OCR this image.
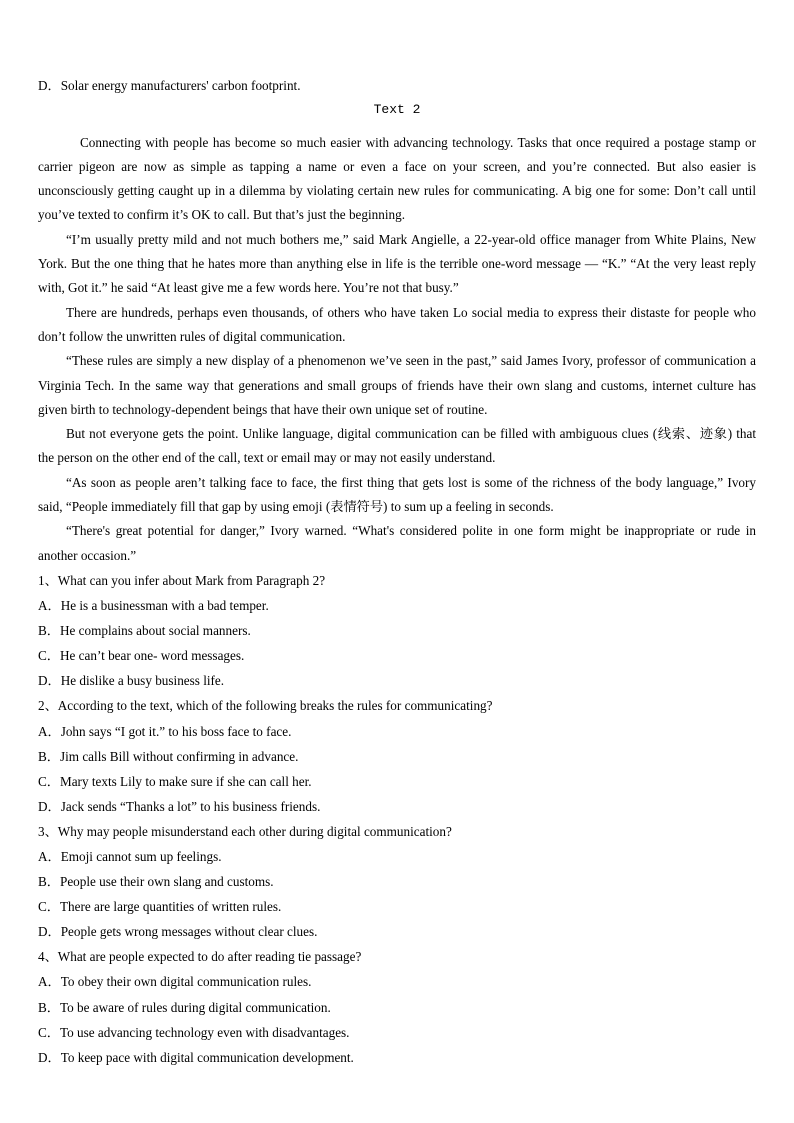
D．Solar energy manufacturers' carbon footprint.

Text 2

Connecting with people has become so much easier with advancing technology. Tasks that once required a postage stamp or carrier pigeon are now as simple as tapping a name or even a face on your screen, and you’re connected. But also easier is unconsciously getting caught up in a dilemma by violating certain new rules for communicating. A big one for some: Don’t call until you’ve texted to confirm it’s OK to call. But that’s just the beginning.

“I’m usually pretty mild and not much bothers me,” said Mark Angielle, a 22-year-old office manager from White Plains, New York. But the one thing that he hates more than anything else in life is the terrible one-word message — “K.” “At the very least reply with, Got it.” he said “At least give me a few words here. You’re not that busy.”

There are hundreds, perhaps even thousands, of others who have taken Lo social media to express their distaste for people who don’t follow the unwritten rules of digital communication.

“These rules are simply a new display of a phenomenon we’ve seen in the past,” said James Ivory, professor of communication a Virginia Tech. In the same way that generations and small groups of friends have their own slang and customs, internet culture has given birth to technology-dependent beings that have their own unique set of routine.

But not everyone gets the point. Unlike language, digital communication can be filled with ambiguous clues (线索、迹象) that the person on the other end of the call, text or email may or may not easily understand.

“As soon as people aren’t talking face to face, the first thing that gets lost is some of the richness of the body language,” Ivory said, “People immediately fill that gap by using emoji (表情符号) to sum up a feeling in seconds.

“There's great potential for danger,” Ivory warned. “What's considered polite in one form might be inappropriate or rude in another occasion.”

1、What can you infer about Mark from Paragraph 2?

A．He is a businessman with a bad temper.

B．He complains about social manners.

C．He can’t bear one- word messages.

D．He dislike a busy business life.

2、According to the text, which of the following breaks the rules for communicating?

A．John says “I got it.” to his boss face to face.

B．Jim calls Bill without confirming in advance.

C．Mary texts Lily to make sure if she can call her.

D．Jack sends “Thanks a lot” to his business friends.

3、Why may people misunderstand each other during digital communication?

A．Emoji cannot sum up feelings.

B．People use their own slang and customs.

C．There are large quantities of written rules.

D．People gets wrong messages without clear clues.

4、What are people expected to do after reading tie passage?

A．To obey their own digital communication rules.

B．To be aware of rules during digital communication.

C．To use advancing technology even with disadvantages.

D．To keep pace with digital communication development.
